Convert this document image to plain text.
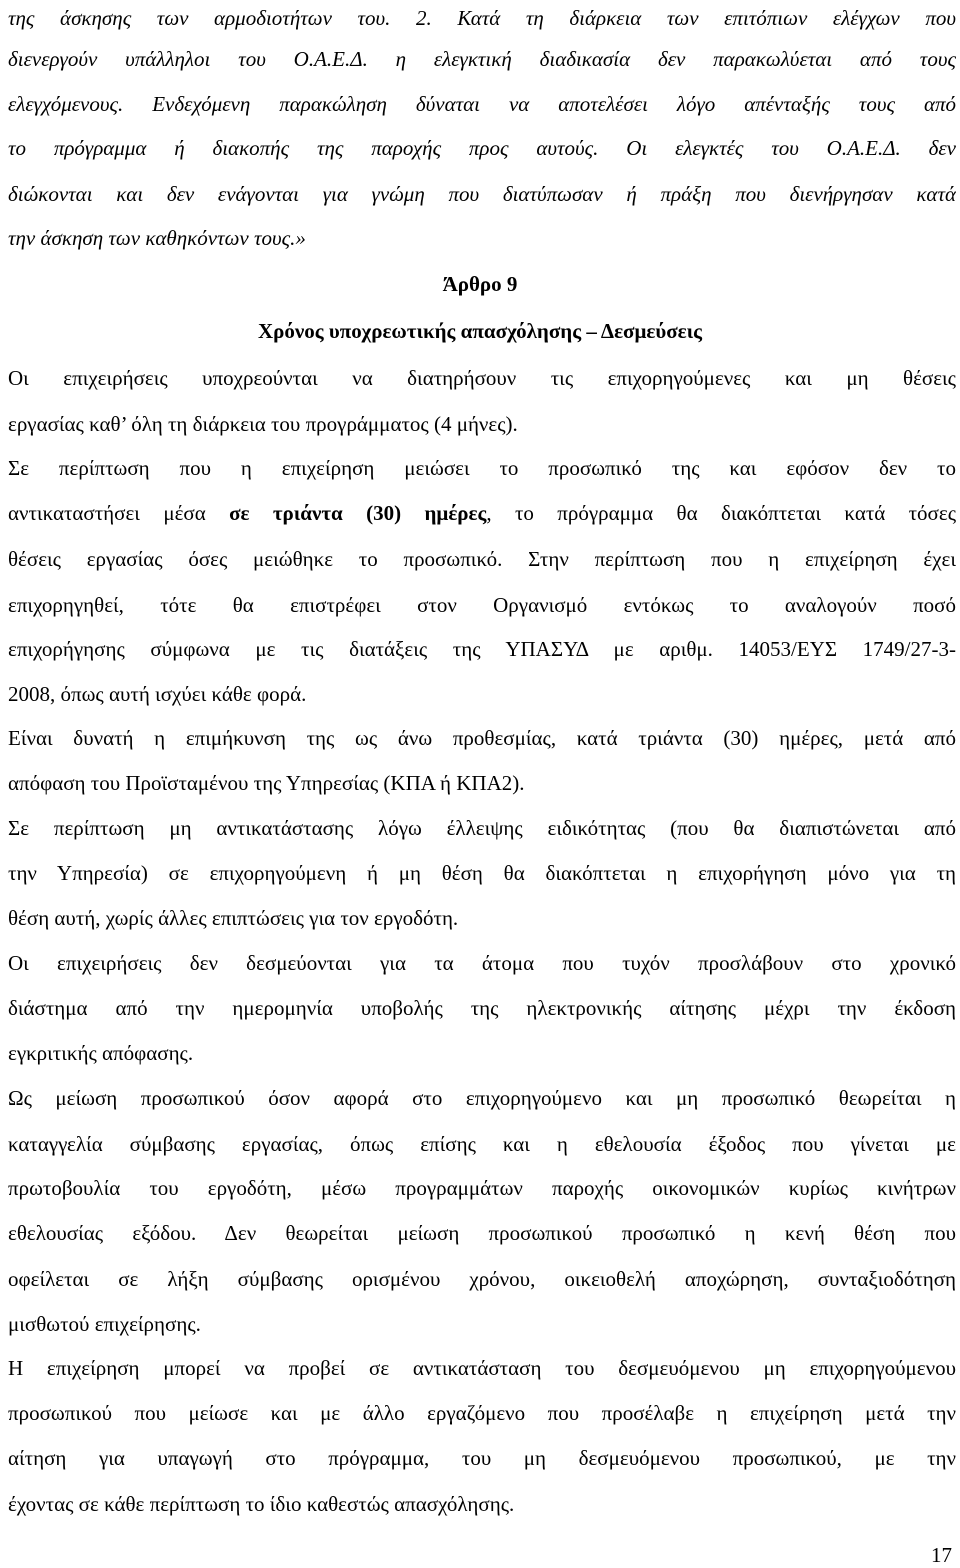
της άσκησης των αρμοδιοτήτων του. 2. Κατά τη διάρκεια των επιτόπιων ελέγχων που
διενεργούν υπάλληλοι του Ο.Α.Ε.Δ. η ελεγκτική διαδικασία δεν παρακωλύεται από τους
ελεγχόμενους. Ενδεχόμενη παρακώληση δύναται να αποτελέσει λόγο απένταξής τους από
το πρόγραμμα ή διακοπής της παροχής προς αυτούς. Οι ελεγκτές του Ο.Α.Ε.Δ. δεν
διώκονται και δεν ενάγονται για γνώμη που διατύπωσαν ή πράξη που διενήργησαν κατά
την άσκηση των καθηκόντων τους.»
Άρθρο 9
Χρόνος υποχρεωτικής απασχόλησης – Δεσμεύσεις
Οι επιχειρήσεις υποχρεούνται να διατηρήσουν τις επιχορηγούμενες και μη θέσεις
εργασίας καθ’ όλη τη διάρκεια του προγράμματος (4 μήνες).
Σε περίπτωση που η επιχείρηση μειώσει το προσωπικό της και εφόσον δεν το
αντικαταστήσει μέσα σε τριάντα (30) ημέρες, το πρόγραμμα θα διακόπτεται κατά τόσες
θέσεις εργασίας όσες μειώθηκε το προσωπικό. Στην περίπτωση που η επιχείρηση έχει
επιχορηγηθεί, τότε θα επιστρέφει στον Οργανισμό εντόκως το αναλογούν ποσό
επιχορήγησης σύμφωνα με τις διατάξεις της ΥΠΑΣΥΔ με αριθμ. 14053/ΕΥΣ 1749/27-3-
2008, όπως αυτή ισχύει κάθε φορά.
Είναι δυνατή η επιμήκυνση της ως άνω προθεσμίας, κατά τριάντα (30) ημέρες, μετά από
απόφαση του Προϊσταμένου της Υπηρεσίας (ΚΠΑ ή ΚΠΑ2).
Σε περίπτωση μη αντικατάστασης λόγω έλλειψης ειδικότητας (που θα διαπιστώνεται από
την Υπηρεσία) σε επιχορηγούμενη ή μη θέση θα διακόπτεται η επιχορήγηση μόνο για τη
θέση αυτή, χωρίς άλλες επιπτώσεις για τον εργοδότη.
Οι επιχειρήσεις δεν δεσμεύονται για τα άτομα που τυχόν προσλάβουν στο χρονικό
διάστημα από την ημερομηνία υποβολής της ηλεκτρονικής αίτησης μέχρι την έκδοση
εγκριτικής απόφασης.
Ως μείωση προσωπικού όσον αφορά στο επιχορηγούμενο και μη προσωπικό θεωρείται η
καταγγελία σύμβασης εργασίας, όπως επίσης και η εθελουσία έξοδος που γίνεται με
πρωτοβουλία του εργοδότη, μέσω προγραμμάτων παροχής οικονομικών κυρίως κινήτρων
εθελουσίας εξόδου. Δεν θεωρείται μείωση προσωπικού προσωπικό η κενή θέση που
οφείλεται σε λήξη σύμβασης ορισμένου χρόνου, οικειοθελή αποχώρηση, συνταξιοδότηση
μισθωτού επιχείρησης.
Η επιχείρηση μπορεί να προβεί σε αντικατάσταση του δεσμευόμενου μη επιχορηγούμενου
προσωπικού που μείωσε και με άλλο εργαζόμενο που προσέλαβε η επιχείρηση μετά την
αίτηση για υπαγωγή στο πρόγραμμα, του μη δεσμευόμενου προσωπικού, με την
έχοντας σε κάθε περίπτωση το ίδιο καθεστώς απασχόλησης.
17
